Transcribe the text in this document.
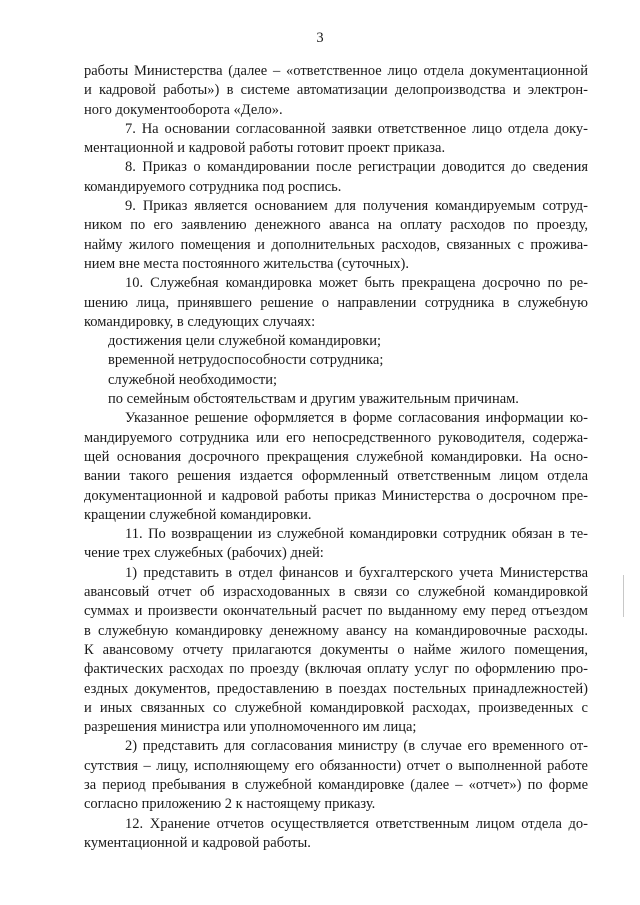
3
работы Министерства (далее – «ответственное лицо отдела документационной
и кадровой работы») в системе автоматизации делопроизводства и электрон-
ного документооборота «Дело».
7. На основании согласованной заявки ответственное лицо отдела доку-
ментационной и кадровой работы готовит проект приказа.
8. Приказ о командировании после регистрации доводится до сведения
командируемого сотрудника под роспись.
9. Приказ является основанием для получения командируемым сотруд-
ником по его заявлению денежного аванса на оплату расходов по проезду,
найму жилого помещения и дополнительных расходов, связанных с прожива-
нием вне места постоянного жительства (суточных).
10. Служебная командировка может быть прекращена досрочно по ре-
шению лица, принявшего решение о направлении сотрудника в служебную
командировку, в следующих случаях:
достижения цели служебной командировки;
временной нетрудоспособности сотрудника;
служебной необходимости;
по семейным обстоятельствам и другим уважительным причинам.
Указанное решение оформляется в форме согласования информации ко-
мандируемого сотрудника или его непосредственного руководителя, содержа-
щей основания досрочного прекращения служебной командировки. На осно-
вании такого решения издается оформленный ответственным лицом отдела
документационной и кадровой работы приказ Министерства о досрочном пре-
кращении служебной командировки.
11. По возвращении из служебной командировки сотрудник обязан в те-
чение трех служебных (рабочих) дней:
1) представить в отдел финансов и бухгалтерского учета Министерства
авансовый отчет об израсходованных в связи со служебной командировкой
суммах и произвести окончательный расчет по выданному ему перед отъездом
в служебную командировку денежному авансу на командировочные расходы.
К авансовому отчету прилагаются документы о найме жилого помещения,
фактических расходах по проезду (включая оплату услуг по оформлению про-
ездных документов, предоставлению в поездах постельных принадлежностей)
и иных связанных со служебной командировкой расходах, произведенных с
разрешения министра или уполномоченного им лица;
2) представить для согласования министру (в случае его временного от-
сутствия – лицу, исполняющему его обязанности) отчет о выполненной работе
за период пребывания в служебной командировке (далее – «отчет») по форме
согласно приложению 2 к настоящему приказу.
12. Хранение отчетов осуществляется ответственным лицом отдела до-
кументационной и кадровой работы.
